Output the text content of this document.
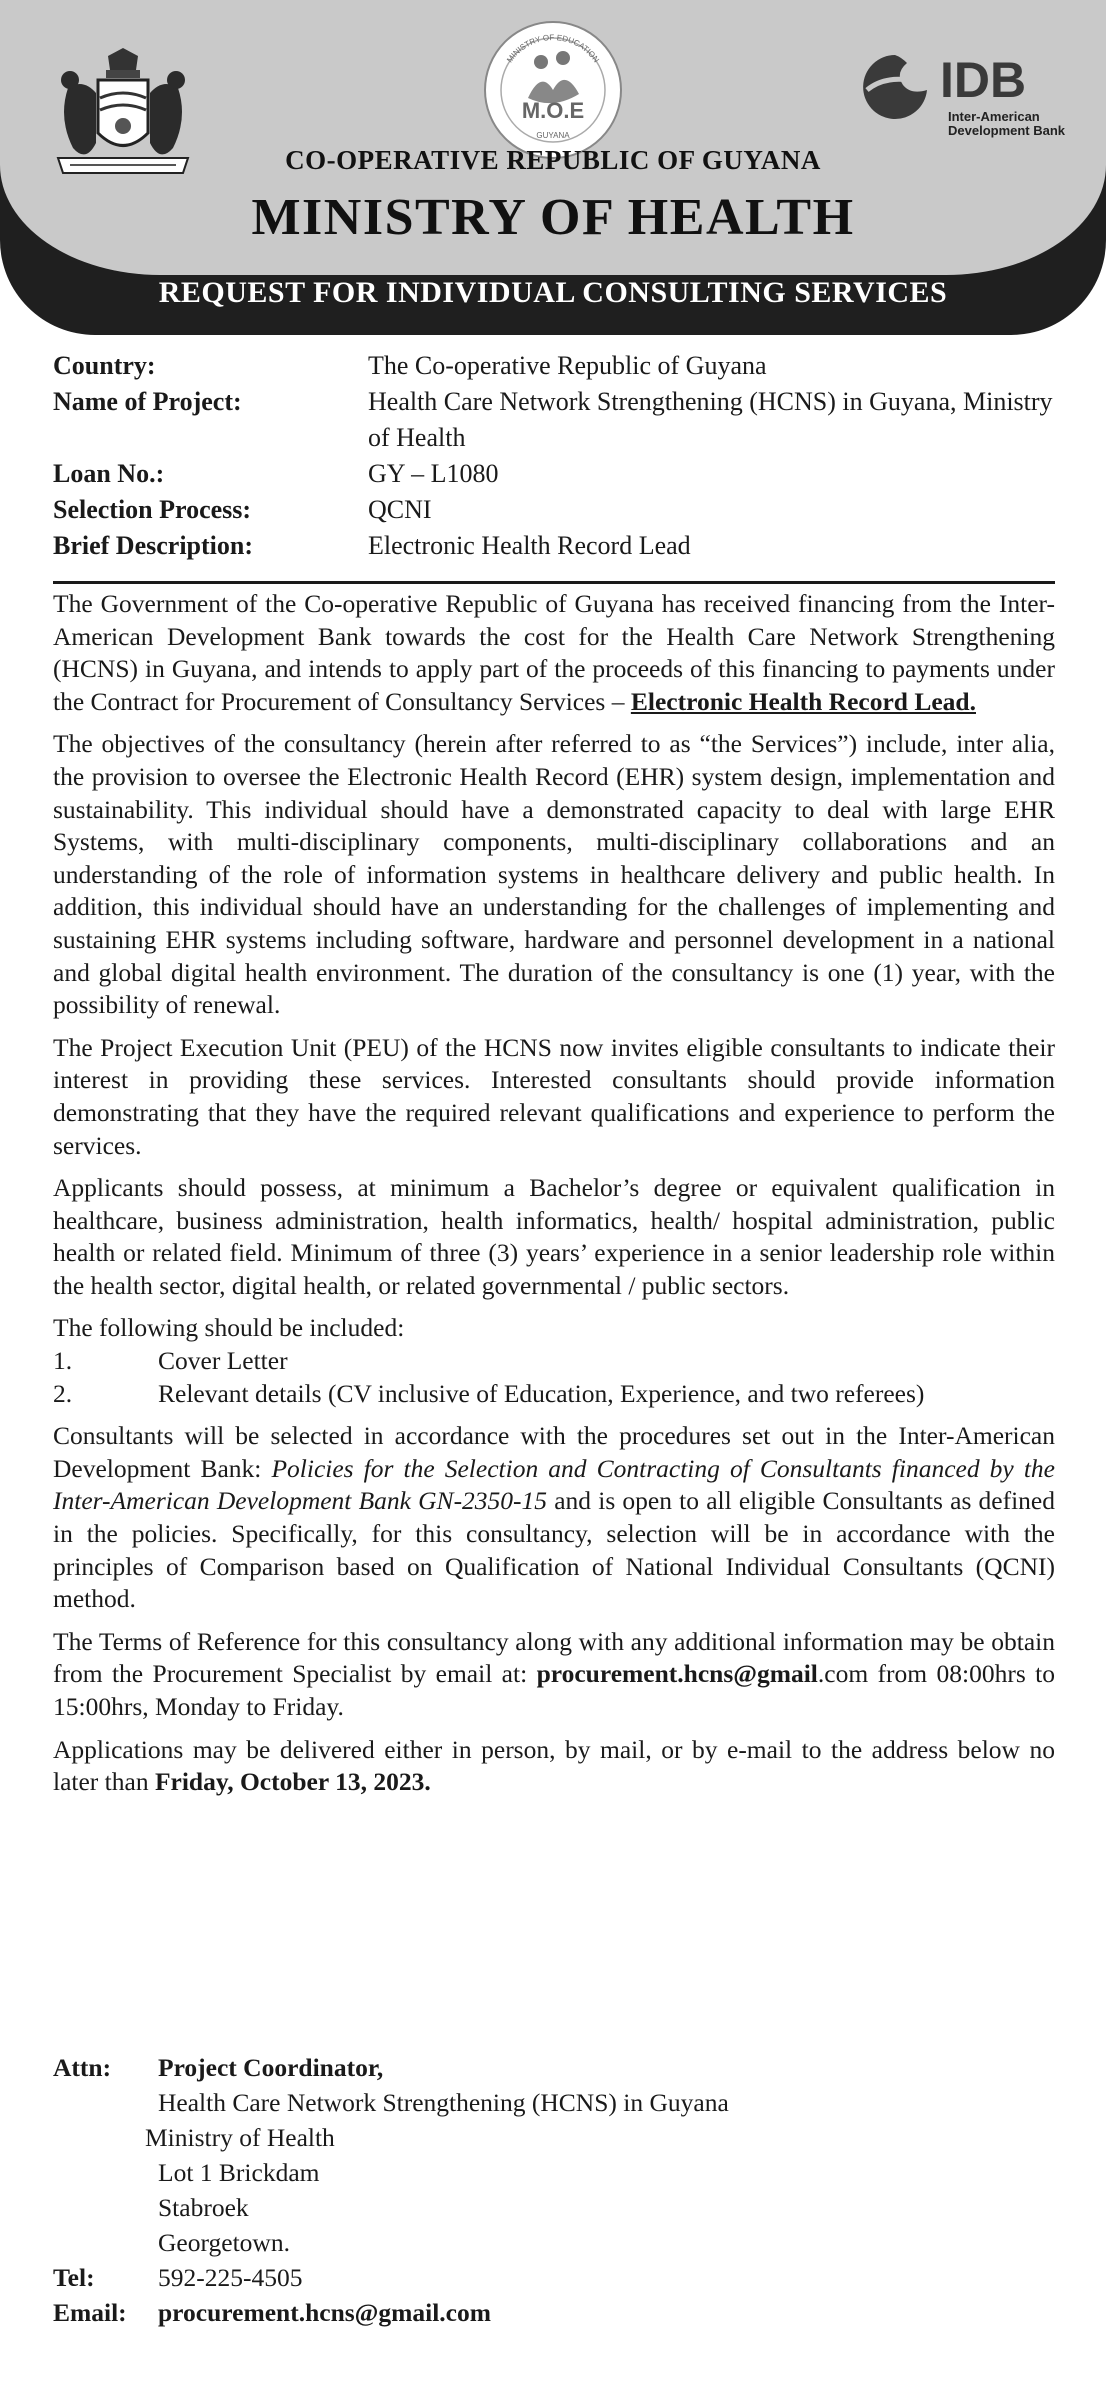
M.O.E
MINISTRY OF EDUCATION
GUYANA
IDB
Inter-American
Development Bank
CO-OPERATIVE REPUBLIC OF GUYANA
MINISTRY OF HEALTH
REQUEST FOR INDIVIDUAL CONSULTING SERVICES
Country:	The Co-operative Republic of Guyana
Name of Project:	Health Care Network Strengthening (HCNS) in Guyana, Ministry of Health
Loan No.:	GY – L1080
Selection Process:	QCNI
Brief Description:	Electronic Health Record Lead

The Government of the Co-operative Republic of Guyana has received financing from the Inter-American Development Bank towards the cost for the Health Care Network Strengthening (HCNS) in Guyana, and intends to apply part of the proceeds of this financing to payments under the Contract for Procurement of Consultancy Services – Electronic Health Record Lead.

The objectives of the consultancy (herein after referred to as “the Services”) include, inter alia, the provision to oversee the Electronic Health Record (EHR) system design, implementation and sustainability. This individual should have a demonstrated capacity to deal with large EHR Systems, with multi-disciplinary components, multi-disciplinary collaborations and an understanding of the role of information systems in healthcare delivery and public health. In addition, this individual should have an understanding for the challenges of implementing and sustaining EHR systems including software, hardware and personnel development in a national and global digital health environment. The duration of the consultancy is one (1) year, with the possibility of renewal.

The Project Execution Unit (PEU) of the HCNS now invites eligible consultants to indicate their interest in providing these services. Interested consultants should provide information demonstrating that they have the required relevant qualifications and experience to perform the services.

Applicants should possess, at minimum a Bachelor’s degree or equivalent qualification in healthcare, business administration, health informatics, health/ hospital administration, public health or related field. Minimum of three (3) years’ experience in a senior leadership role within the health sector, digital health, or related governmental / public sectors.

The following should be included:
1.	Cover Letter
2.	Relevant details (CV inclusive of Education, Experience, and two referees)

Consultants will be selected in accordance with the procedures set out in the Inter-American Development Bank: Policies for the Selection and Contracting of Consultants financed by the Inter-American Development Bank GN-2350-15 and is open to all eligible Consultants as defined in the policies. Specifically, for this consultancy, selection will be in accordance with the principles of Comparison based on Qualification of National Individual Consultants (QCNI) method.

The Terms of Reference for this consultancy along with any additional information may be obtain from the Procurement Specialist by email at: procurement.hcns@gmail.com from 08:00hrs to 15:00hrs, Monday to Friday.

Applications may be delivered either in person, by mail, or by e-mail to the address below no later than Friday, October 13, 2023.

Attn:	Project Coordinator,
Health Care Network Strengthening (HCNS) in Guyana
Ministry of Health
Lot 1 Brickdam
Stabroek
Georgetown.
Tel:	592-225-4505
Email:	procurement.hcns@gmail.com
